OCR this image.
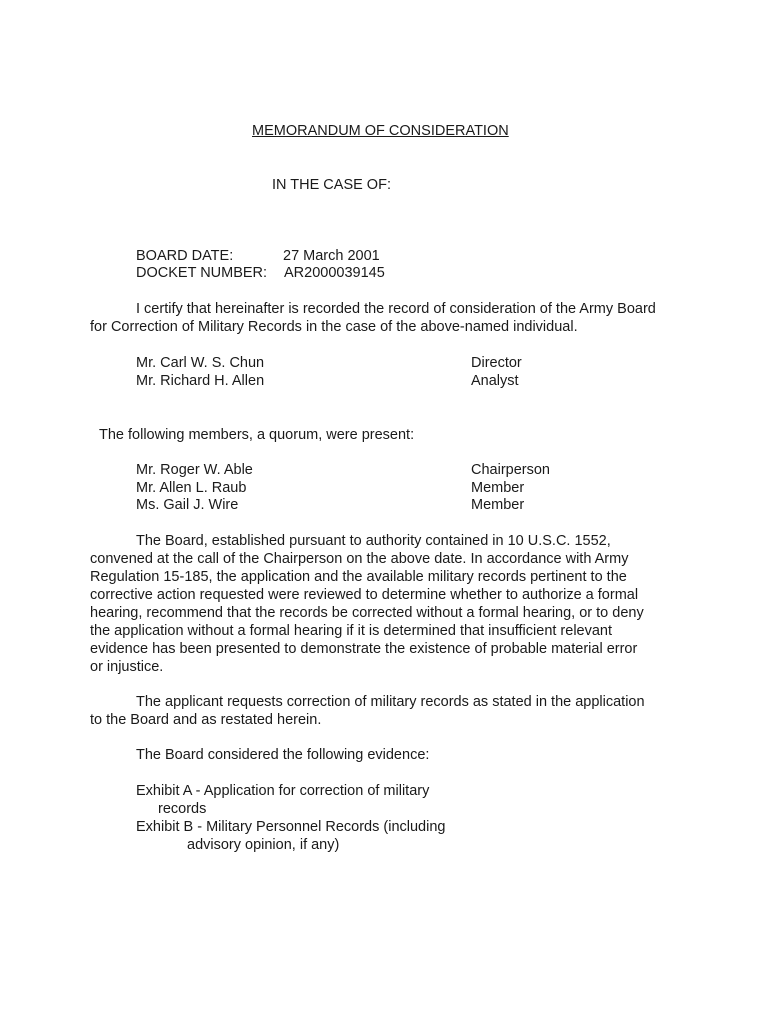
MEMORANDUM OF CONSIDERATION
IN THE CASE OF:
BOARD DATE:	27 March 2001
DOCKET NUMBER: AR2000039145
I certify that hereinafter is recorded the record of consideration of the Army Board
for Correction of Military Records in the case of the above-named individual.
Mr. Carl W. S. Chun	Director
Mr. Richard H. Allen	Analyst
The following members, a quorum, were present:
Mr. Roger W. Able	Chairperson
Mr. Allen L. Raub	Member
Ms. Gail J. Wire	Member
The Board, established pursuant to authority contained in 10 U.S.C. 1552,
convened at the call of the Chairperson on the above date. In accordance with Army
Regulation 15-185, the application and the available military records pertinent to the
corrective action requested were reviewed to determine whether to authorize a formal
hearing, recommend that the records be corrected without a formal hearing, or to deny
the application without a formal hearing if it is determined that insufficient relevant
evidence has been presented to demonstrate the existence of probable material error
or injustice.
The applicant requests correction of military records as stated in the application
to the Board and as restated herein.
The Board considered the following evidence:
Exhibit A - Application for correction of military
records
Exhibit B - Military Personnel Records (including
advisory opinion, if any)
